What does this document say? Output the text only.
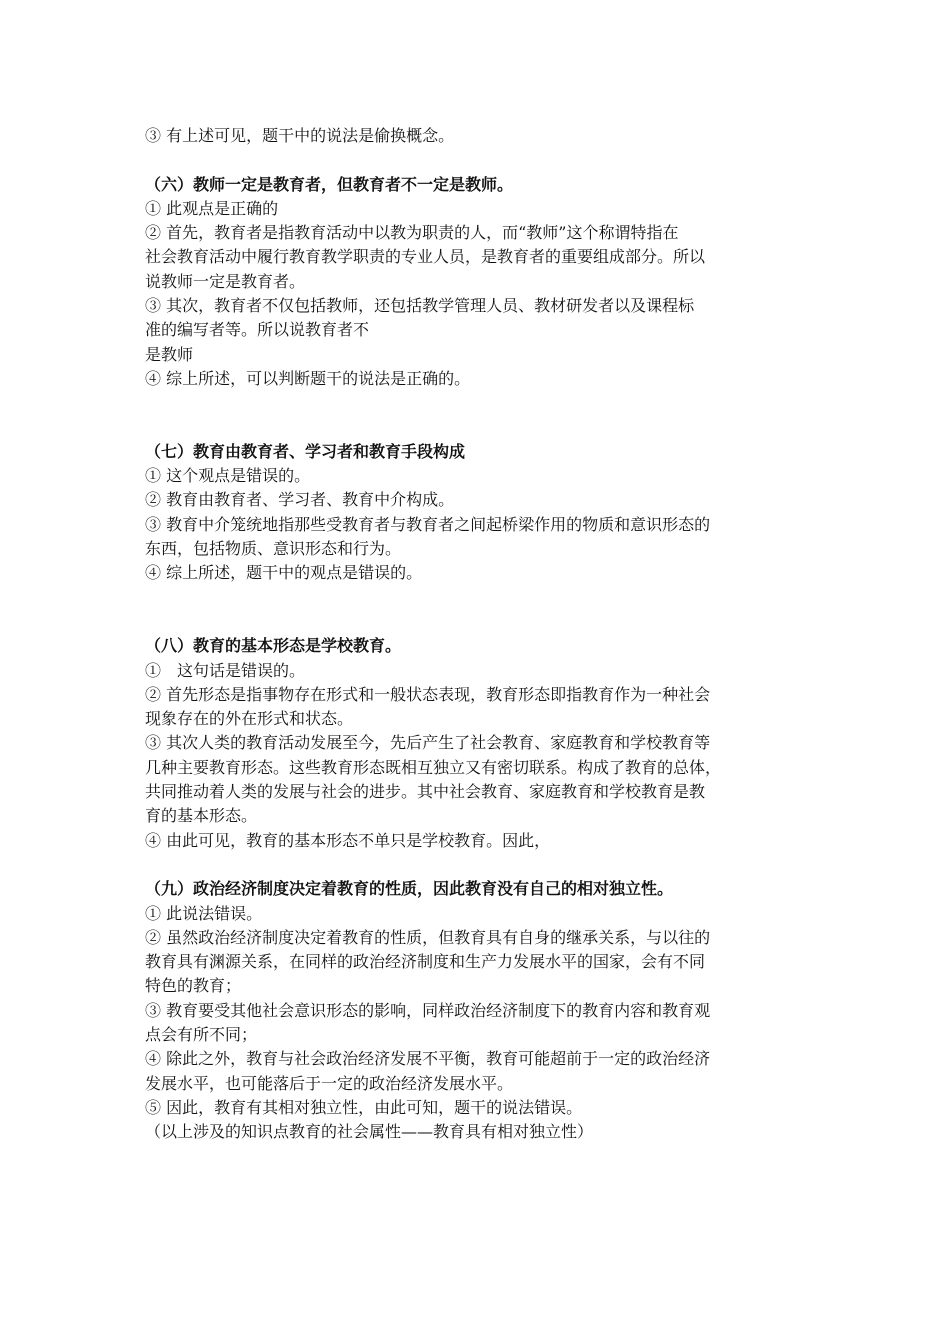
③ 有上述可见，题干中的说法是偷换概念。
（六）教师一定是教育者，但教育者不一定是教师。
① 此观点是正确的
② 首先，教育者是指教育活动中以教为职责的人，而“教师”这个称谓特指在
社会教育活动中履行教育教学职责的专业人员，是教育者的重要组成部分。所以
说教师一定是教育者。
③ 其次，教育者不仅包括教师，还包括教学管理人员、教材研发者以及课程标
准的编写者等。所以说教育者不
是教师
④ 综上所述，可以判断题干的说法是正确的。
（七）教育由教育者、学习者和教育手段构成
① 这个观点是错误的。
② 教育由教育者、学习者、教育中介构成。
③ 教育中介笼统地指那些受教育者与教育者之间起桥梁作用的物质和意识形态的
东西，包括物质、意识形态和行为。
④ 综上所述，题干中的观点是错误的。
（八）教育的基本形态是学校教育。
①　这句话是错误的。
② 首先形态是指事物存在形式和一般状态表现，教育形态即指教育作为一种社会
现象存在的外在形式和状态。
③ 其次人类的教育活动发展至今，先后产生了社会教育、家庭教育和学校教育等
几种主要教育形态。这些教育形态既相互独立又有密切联系。构成了教育的总体，
共同推动着人类的发展与社会的进步。其中社会教育、家庭教育和学校教育是教
育的基本形态。
④ 由此可见，教育的基本形态不单只是学校教育。因此，
（九）政治经济制度决定着教育的性质，因此教育没有自己的相对独立性。
① 此说法错误。
② 虽然政治经济制度决定着教育的性质，但教育具有自身的继承关系，与以往的
教育具有渊源关系，在同样的政治经济制度和生产力发展水平的国家，会有不同
特色的教育；
③ 教育要受其他社会意识形态的影响，同样政治经济制度下的教育内容和教育观
点会有所不同；
④ 除此之外，教育与社会政治经济发展不平衡，教育可能超前于一定的政治经济
发展水平，也可能落后于一定的政治经济发展水平。
⑤ 因此，教育有其相对独立性，由此可知，题干的说法错误。
（以上涉及的知识点教育的社会属性——教育具有相对独立性）
